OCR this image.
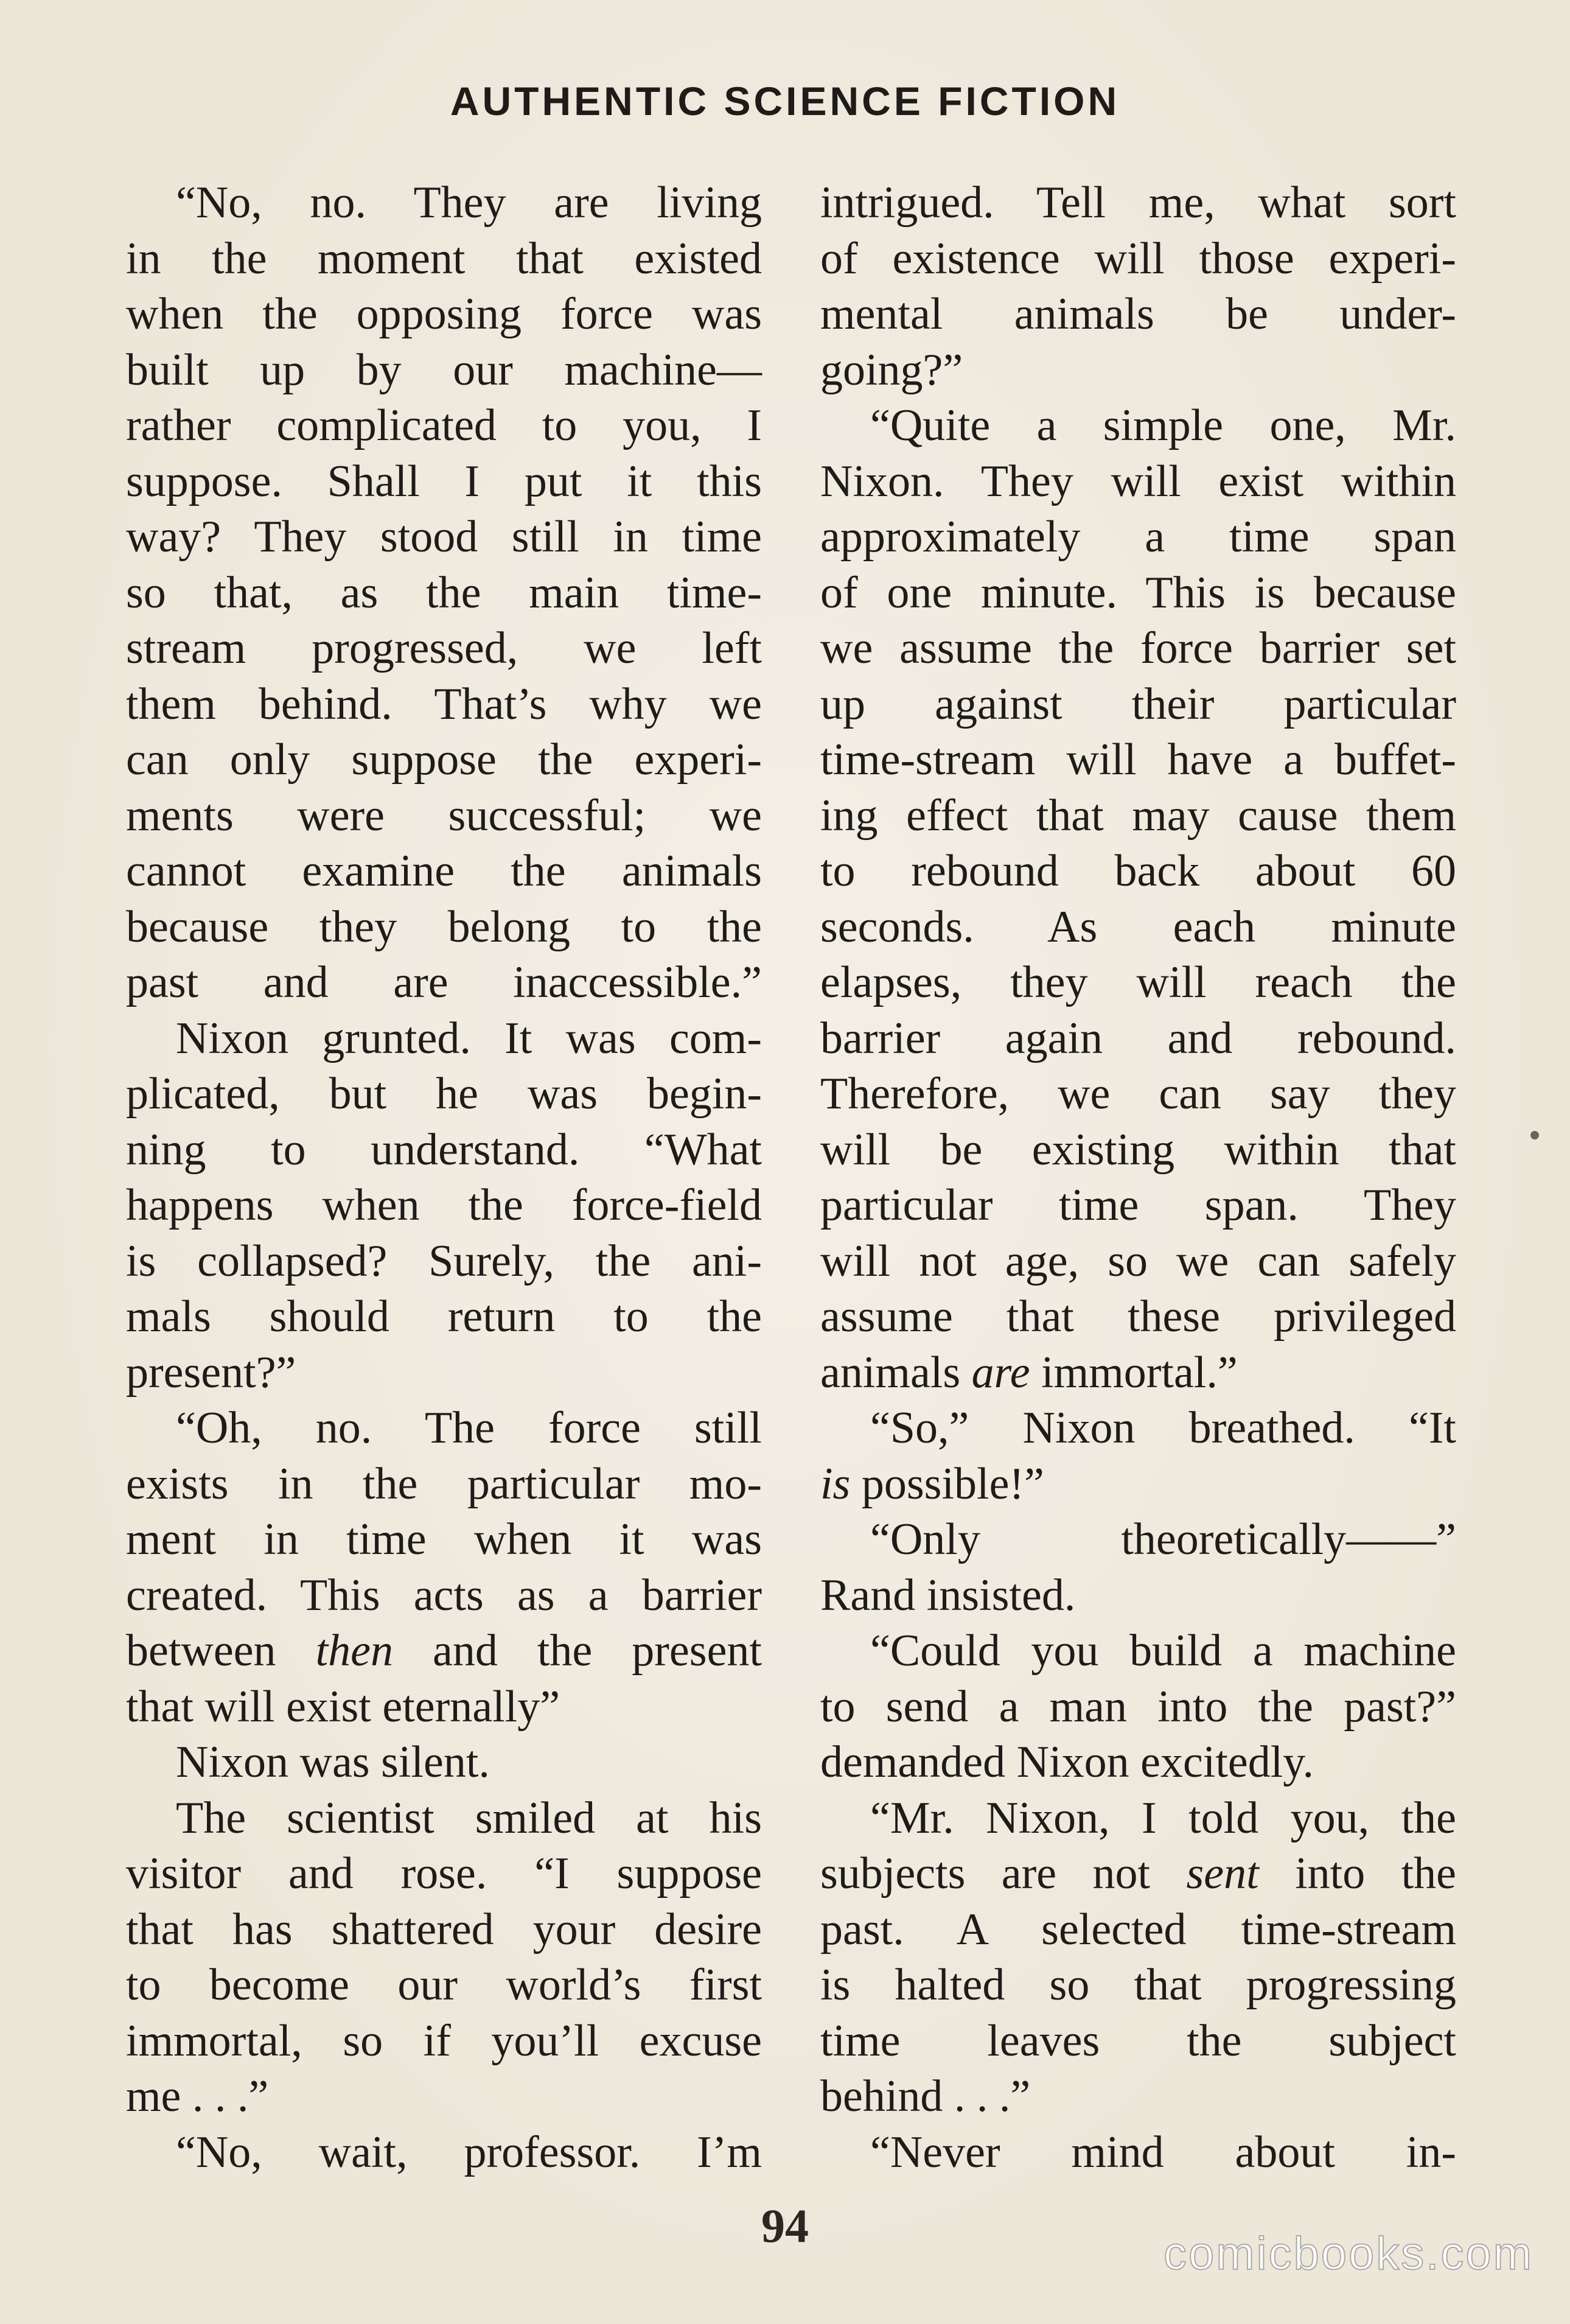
AUTHENTIC SCIENCE FICTION
“No, no. They are living
in the moment that existed
when the opposing force was
built up by our machine—
rather complicated to you, I
suppose. Shall I put it this
way? They stood still in time
so that, as the main time-
stream progressed, we left
them behind. That’s why we
can only suppose the experi-
ments were successful; we
cannot examine the animals
because they belong to the
past and are inaccessible.”
Nixon grunted. It was com-
plicated, but he was begin-
ning to understand. “What
happens when the force-field
is collapsed? Surely, the ani-
mals should return to the
present?”
“Oh, no. The force still
exists in the particular mo-
ment in time when it was
created. This acts as a barrier
between then and the present
that will exist eternally”
Nixon was silent.
The scientist smiled at his
visitor and rose. “I suppose
that has shattered your desire
to become our world’s first
immortal, so if you’ll excuse
me . . .”
“No, wait, professor. I’m
intrigued. Tell me, what sort
of existence will those experi-
mental animals be under-
going?”
“Quite a simple one, Mr.
Nixon. They will exist within
approximately a time span
of one minute. This is because
we assume the force barrier set
up against their particular
time-stream will have a buffet-
ing effect that may cause them
to rebound back about 60
seconds. As each minute
elapses, they will reach the
barrier again and rebound.
Therefore, we can say they
will be existing within that
particular time span. They
will not age, so we can safely
assume that these privileged
animals are immortal.”
“So,” Nixon breathed. “It
is possible!”
“Only theoretically——”
Rand insisted.
“Could you build a machine
to send a man into the past?”
demanded Nixon excitedly.
“Mr. Nixon, I told you, the
subjects are not sent into the
past. A selected time-stream
is halted so that progressing
time leaves the subject
behind . . .”
“Never mind about in-
94
comicbooks.com
